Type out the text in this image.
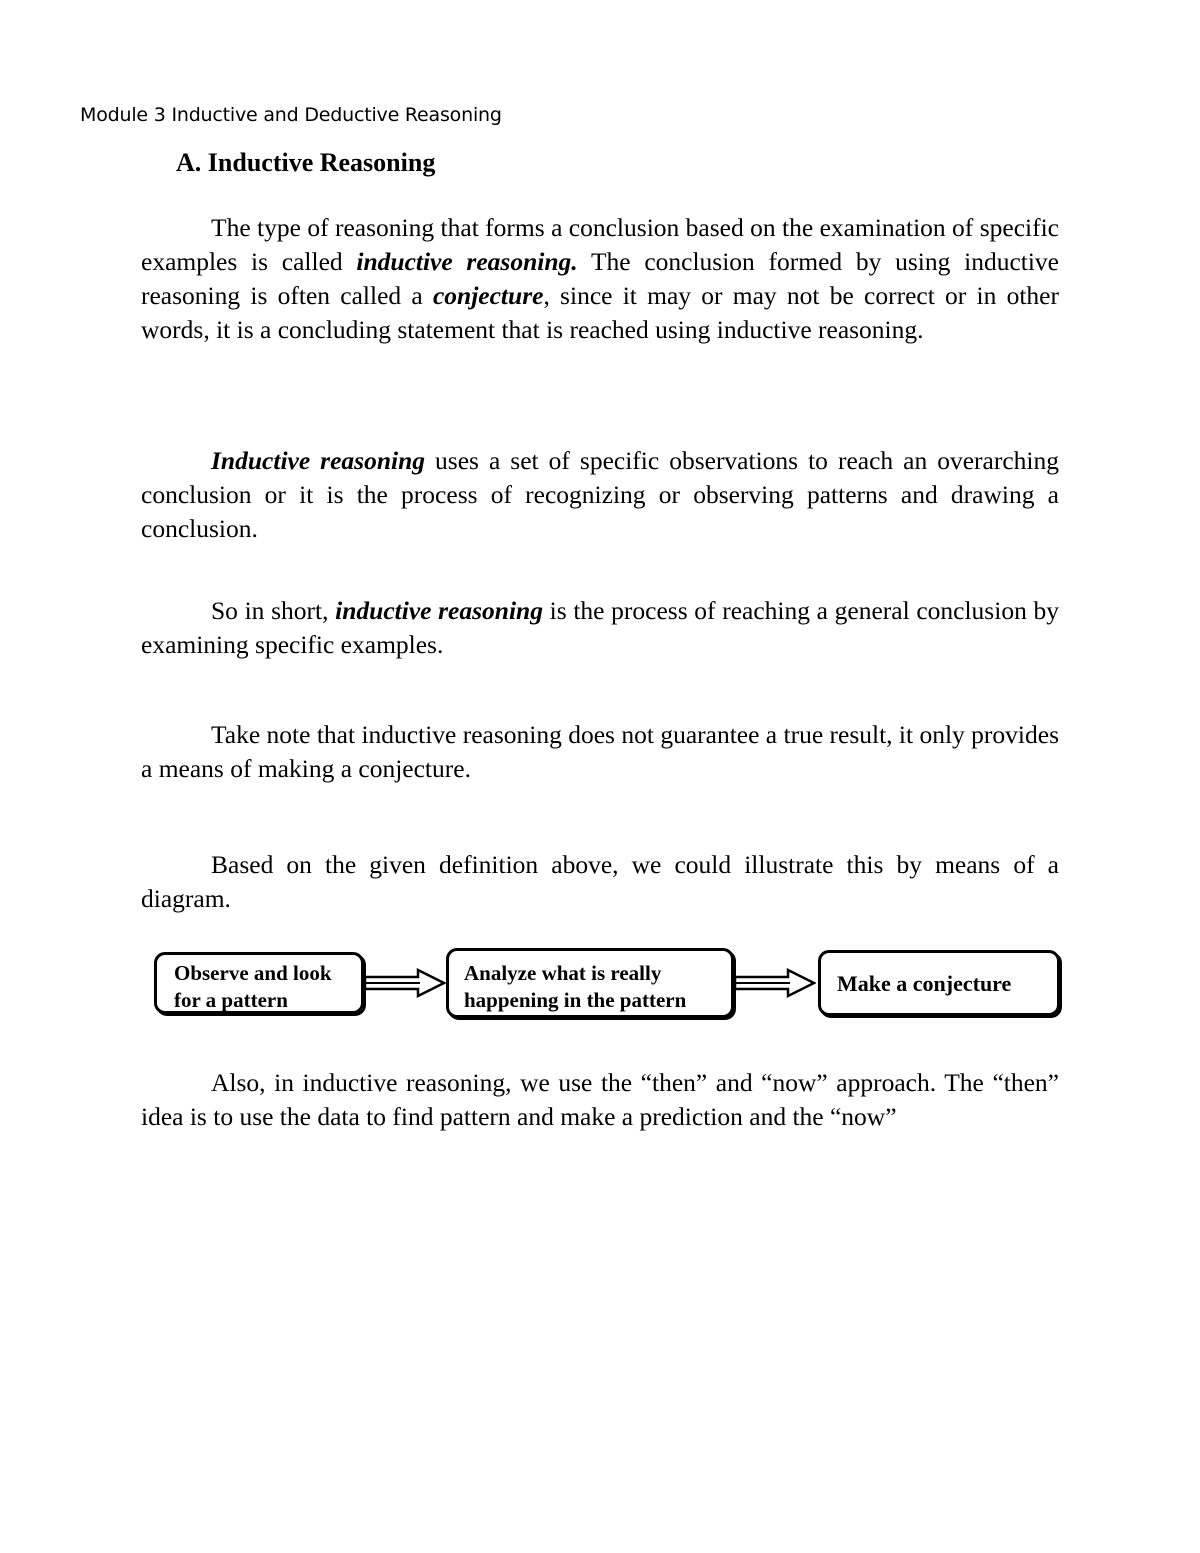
Module 3 Inductive and Deductive Reasoning
A. Inductive Reasoning

The type of reasoning that forms a conclusion based on the examination of specific examples is called inductive reasoning. The conclusion formed by using inductive reasoning is often called a conjecture, since it may or may not be correct or in other words, it is a concluding statement that is reached using inductive reasoning.

Inductive reasoning uses a set of specific observations to reach an overarching conclusion or it is the process of recognizing or observing patterns and drawing a conclusion.

So in short, inductive reasoning is the process of reaching a general conclusion by examining specific examples.

Take note that inductive reasoning does not guarantee a true result, it only provides a means of making a conjecture.

Based on the given definition above, we could illustrate this by means of a diagram.

Observe and look
for a pattern
Analyze what is really
happening in the pattern
Make a conjecture

Also, in inductive reasoning, we use the “then” and “now” approach. The “then” idea is to use the data to find pattern and make a prediction and the “now”
